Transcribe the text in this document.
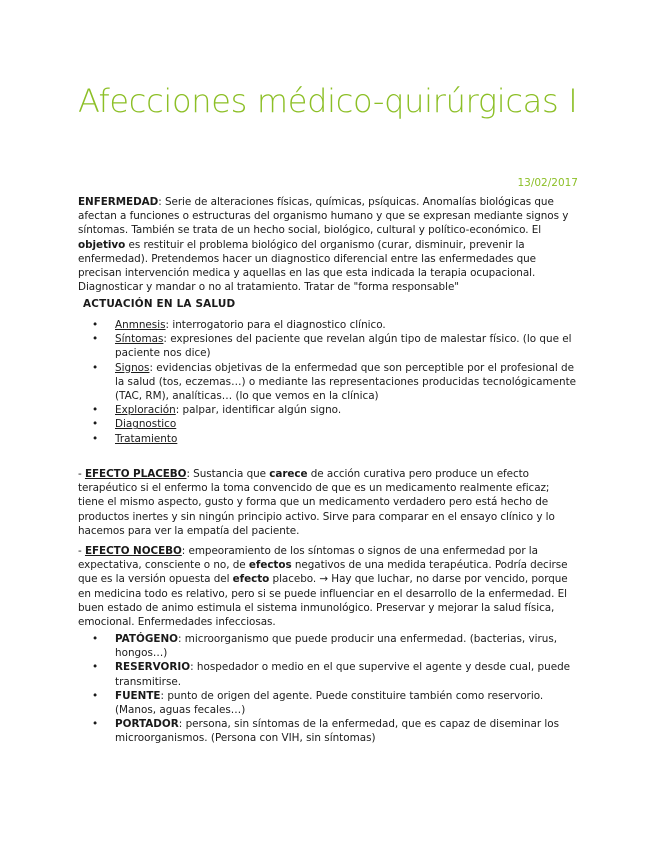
Afecciones médico-quirúrgicas I
13/02/2017

ENFERMEDAD: Serie de alteraciones físicas, químicas, psíquicas. Anomalías biológicas que afectan a funciones o estructuras del organismo humano y que se expresan mediante signos y síntomas. También se trata de un hecho social, biológico, cultural y político-económico. El objetivo es restituir el problema biológico del organismo (curar, disminuir, prevenir la enfermedad). Pretendemos hacer un diagnostico diferencial entre las enfermedades que precisan intervención medica y aquellas en las que esta indicada la terapia ocupacional. Diagnosticar y mandar o no al tratamiento. Tratar de "forma responsable"

ACTUACIÓN EN LA SALUD
• Anmnesis: interrogatorio para el diagnostico clínico.
• Síntomas: expresiones del paciente que revelan algún tipo de malestar físico. (lo que el paciente nos dice)
• Signos: evidencias objetivas de la enfermedad que son perceptible por el profesional de la salud (tos, eczemas…) o mediante las representaciones producidas tecnológicamente (TAC, RM), analíticas… (lo que vemos en la clínica)
• Exploración: palpar, identificar algún signo.
• Diagnostico
• Tratamiento

- EFECTO PLACEBO: Sustancia que carece de acción curativa pero produce un efecto terapéutico si el enfermo la toma convencido de que es un medicamento realmente eficaz; tiene el mismo aspecto, gusto y forma que un medicamento verdadero pero está hecho de productos inertes y sin ningún principio activo. Sirve para comparar en el ensayo clínico y lo hacemos para ver la empatía del paciente.

- EFECTO NOCEBO: empeoramiento de los síntomas o signos de una enfermedad por la expectativa, consciente o no, de efectos negativos de una medida terapéutica. Podría decirse que es la versión opuesta del efecto placebo. → Hay que luchar, no darse por vencido, porque en medicina todo es relativo, pero si se puede influenciar en el desarrollo de la enfermedad. El buen estado de animo estimula el sistema inmunológico. Preservar y mejorar la salud física, emocional. Enfermedades infecciosas.

• PATÓGENO: microorganismo que puede producir una enfermedad. (bacterias, virus, hongos…)
• RESERVORIO: hospedador o medio en el que supervive el agente y desde cual, puede transmitirse.
• FUENTE: punto de origen del agente. Puede constituire también como reservorio. (Manos, aguas fecales…)
• PORTADOR: persona, sin síntomas de la enfermedad, que es capaz de diseminar los microorganismos. (Persona con VIH, sin síntomas)
